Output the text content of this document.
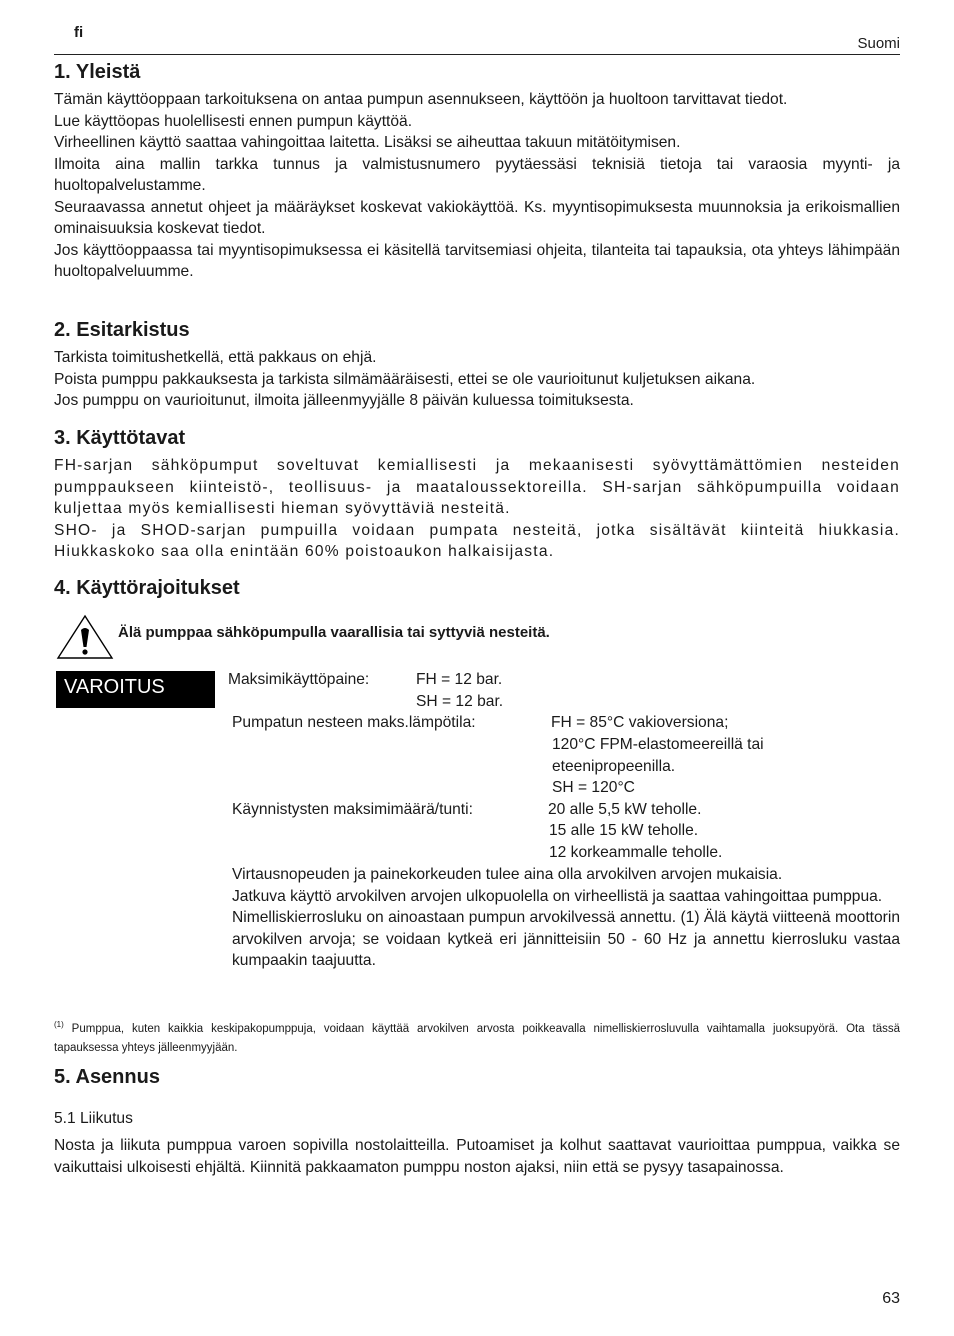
fi
Suomi
1. Yleistä

Tämän käyttöoppaan tarkoituksena on antaa pumpun asennukseen, käyttöön ja huoltoon tarvittavat tiedot.

Lue käyttöopas huolellisesti ennen pumpun käyttöä.

Virheellinen käyttö saattaa vahingoittaa laitetta. Lisäksi se aiheuttaa takuun mitätöitymisen.

Ilmoita aina mallin tarkka tunnus ja valmistusnumero pyytäessäsi teknisiä tietoja tai varaosia myynti- ja huoltopalvelustamme.

Seuraavassa annetut ohjeet ja määräykset koskevat vakiokäyttöä. Ks. myyntisopimuksesta muunnoksia ja erikoismallien ominaisuuksia koskevat tiedot.

Jos käyttöoppaassa tai myyntisopimuksessa ei käsitellä tarvitsemiasi ohjeita, tilanteita tai tapauksia, ota yhteys lähimpään huoltopalveluumme.

2. Esitarkistus

Tarkista toimitushetkellä, että pakkaus on ehjä.

Poista pumppu pakkauksesta ja tarkista silmämääräisesti, ettei se ole vaurioitunut kuljetuksen aikana.

Jos pumppu on vaurioitunut, ilmoita jälleenmyyjälle 8 päivän kuluessa toimituksesta.

3. Käyttötavat

FH-sarjan sähköpumput soveltuvat kemiallisesti ja mekaanisesti syövyttämättömien nesteiden pumppaukseen kiinteistö-, teollisuus- ja maataloussektoreilla. SH-sarjan sähköpumpuilla voidaan kuljettaa myös kemiallisesti hieman syövyttäviä nesteitä.

SHO- ja SHOD-sarjan pumpuilla voidaan pumpata nesteitä, jotka sisältävät kiinteitä hiukkasia. Hiukkaskoko saa olla enintään 60% poistoaukon halkaisijasta.

4. Käyttörajoitukset
Älä pumppaa sähköpumpulla vaarallisia tai syttyviä nesteitä.
VAROITUS	Maksimikäyttöpaine:	FH = 12 bar.
SH = 12 bar.
Pumpatun nesteen maks.lämpötila:	FH = 85°C vakioversiona;
120°C FPM-elastomeereillä tai
eteenipropeenilla.
SH = 120°C
Käynnistysten maksimimäärä/tunti:	20 alle 5,5 kW teholle.
15 alle 15 kW teholle.
12 korkeammalle teholle.

Virtausnopeuden ja painekorkeuden tulee aina olla arvokilven arvojen mukaisia.

Jatkuva käyttö arvokilven arvojen ulkopuolella on virheellistä ja saattaa vahingoittaa pumppua.

Nimelliskierrosluku on ainoastaan pumpun arvokilvessä annettu. (1) Älä käytä viitteenä moottorin arvokilven arvoja; se voidaan kytkeä eri jännitteisiin 50 - 60 Hz ja annettu kierrosluku vastaa kumpaakin taajuutta.

$^{(1)}$ Pumppua, kuten kaikkia keskipakopumppuja, voidaan käyttää arvokilven arvosta poikkeavalla nimelliskierrosluvulla vaihtamalla juoksupyörä. Ota tässä tapauksessa yhteys jälleenmyyjään.
5. Asennus
5.1 Liikutus

Nosta ja liikuta pumppua varoen sopivilla nostolaitteilla. Putoamiset ja kolhut saattavat vaurioittaa pumppua, vaikka se vaikuttaisi ulkoisesti ehjältä. Kiinnitä pakkaamaton pumppu noston ajaksi, niin että se pysyy tasapainossa.

63
